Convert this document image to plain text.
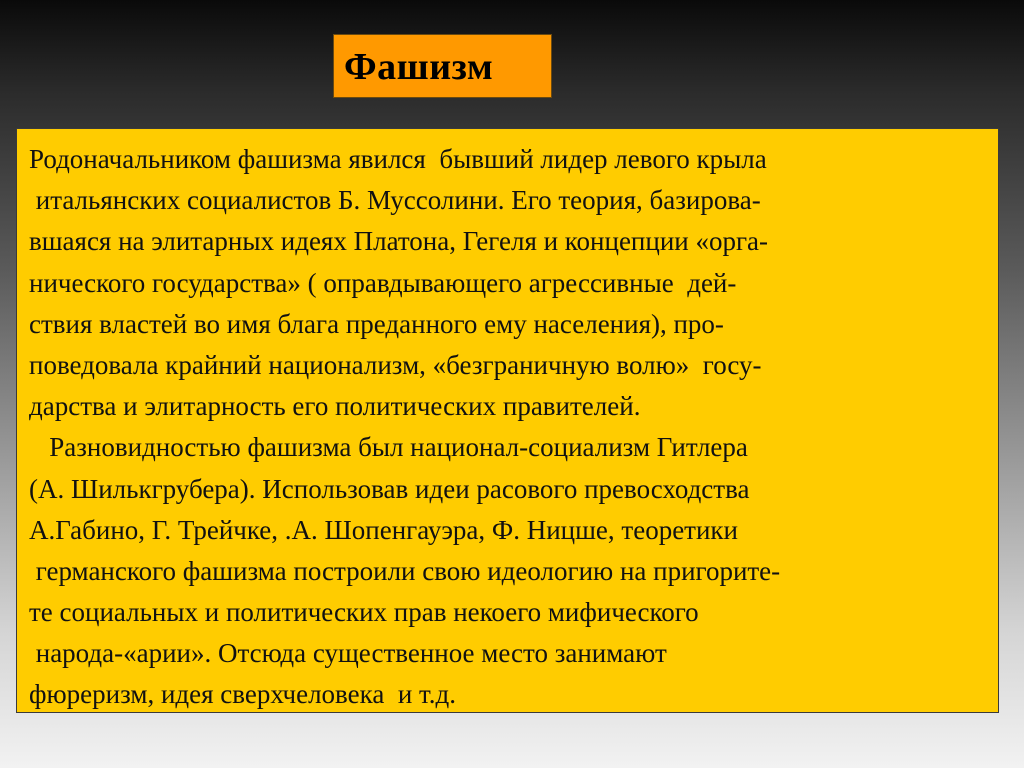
Фашизм
Родоначальником фашизма явился  бывший лидер левого крыла
итальянских социалистов Б. Муссолини. Его теория, базирова-
вшаяся на элитарных идеях Платона, Гегеля и концепции «орга-
нического государства» ( оправдывающего агрессивные  дей-
ствия властей во имя блага преданного ему населения), про-
поведовала крайний национализм, «безграничную волю»  госу-
дарства и элитарность его политических правителей.
Разновидностью фашизма был национал-социализм Гитлера
(А. Шилькгрубера). Использовав идеи расового превосходства
А.Габино, Г. Трейчке, .А. Шопенгауэра, Ф. Ницше, теоретики
германского фашизма построили свою идеологию на пригорите-
те социальных и политических прав некоего мифического
народа-«арии». Отсюда существенное место занимают
фюреризм, идея сверхчеловека  и т.д.
